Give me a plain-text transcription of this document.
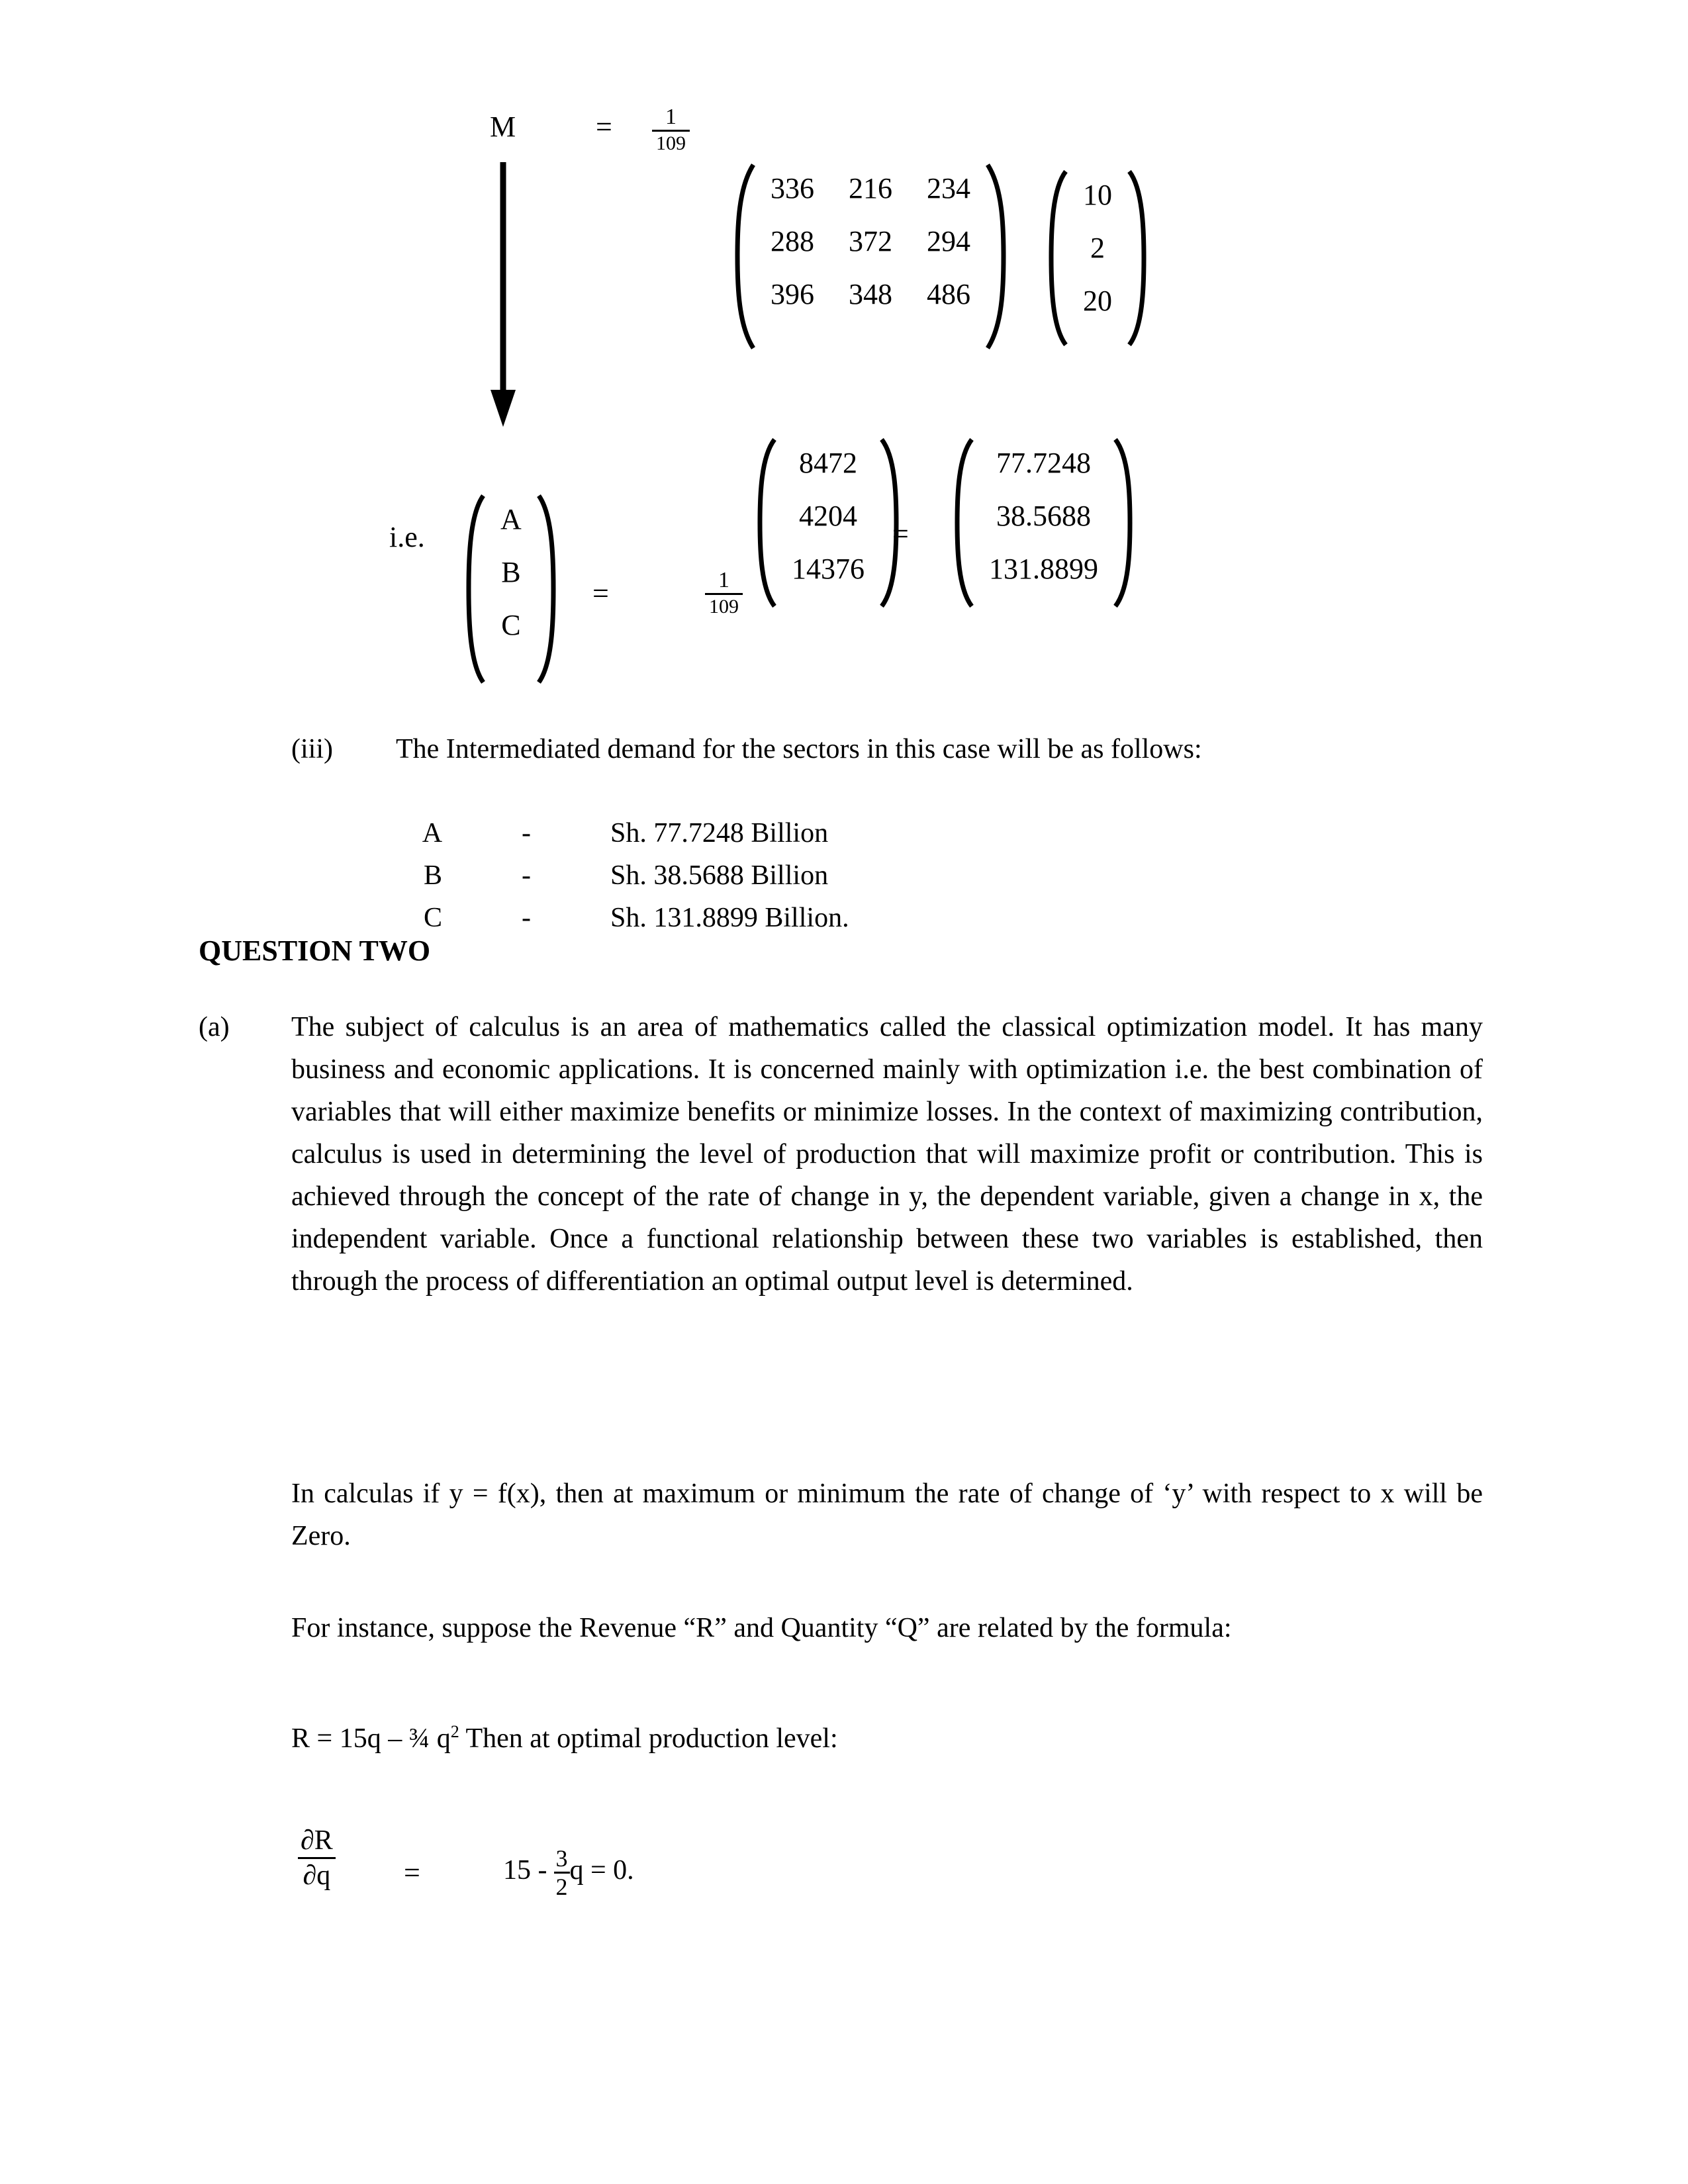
M	= $\frac{1}{109}$
336	216	234
288	372	294
396	348	486
10
2
20
i.e.
A
B
C
=	$\frac{1}{109}$
8472
4204
14376
=
77.7248
38.5688
131.8899
(iii) The Intermediated demand for the sectors in this case will be as follows:

A	-	Sh. 77.7248 Billion

B	-	Sh. 38.5688 Billion

C	-	Sh. 131.8899 Billion.

QUESTION TWO
(a) The subject of calculus is an area of mathematics called the classical optimization model. It has many business and economic applications. It is concerned mainly with optimization i.e. the best combination of variables that will either maximize benefits or minimize losses. In the context of maximizing contribution, calculus is used in determining the level of production that will maximize profit or contribution. This is achieved through the concept of the rate of change in y, the dependent variable, given a change in x, the independent variable. Once a functional relationship between these two variables is established, then through the process of differentiation an optimal output level is determined.
In calculas if y = f(x), then at maximum or minimum the rate of change of ‘y’ with respect to x will be Zero.
For instance, suppose the Revenue “R” and Quantity “Q” are related by the formula:
R = 15q – ¾ $q^2$ Then at optimal production level:
$\frac{\partial R}{\partial q}$ =	$15 - \frac{3}{2}$ q = 0.
